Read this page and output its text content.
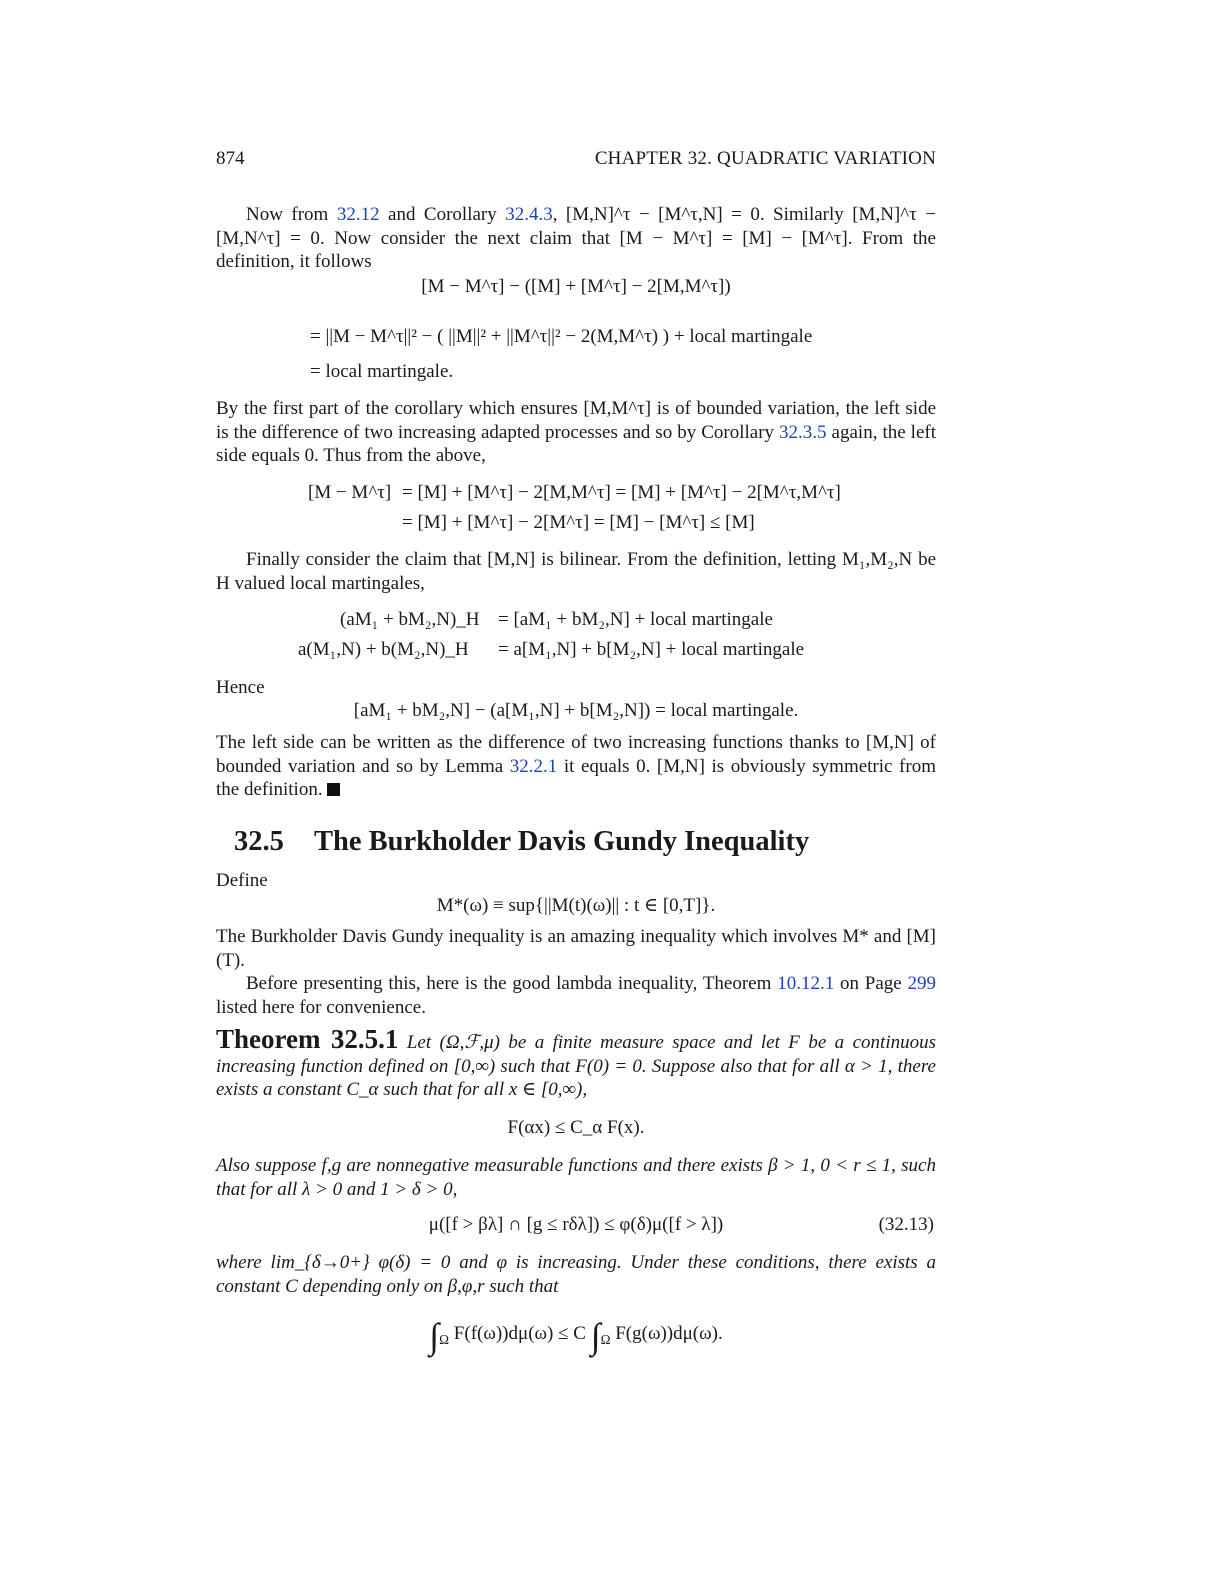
874	CHAPTER 32. QUADRATIC VARIATION
Now from 32.12 and Corollary 32.4.3, [M,N]^τ − [M^τ,N] = 0. Similarly [M,N]^τ − [M,N^τ] = 0. Now consider the next claim that [M − M^τ] = [M] − [M^τ]. From the definition, it follows
[M − M^τ] − ([M] + [M^τ] − 2[M,M^τ])
= ||M − M^τ||² − ( ||M||² + ||M^τ||² − 2(M,M^τ) ) + local martingale
= local martingale.
By the first part of the corollary which ensures [M,M^τ] is of bounded variation, the left side is the difference of two increasing adapted processes and so by Corollary 32.3.5 again, the left side equals 0. Thus from the above,
[M − M^τ] = [M] + [M^τ] − 2[M,M^τ] = [M] + [M^τ] − 2[M^τ,M^τ]
= [M] + [M^τ] − 2[M^τ] = [M] − [M^τ] ≤ [M]
Finally consider the claim that [M,N] is bilinear. From the definition, letting M₁,M₂,N be H valued local martingales,
(aM₁ + bM₂,N)_H = [aM₁ + bM₂,N] + local martingale
a(M₁,N) + b(M₂,N)_H = a[M₁,N] + b[M₂,N] + local martingale
Hence
[aM₁ + bM₂,N] − (a[M₁,N] + b[M₂,N]) = local martingale.
The left side can be written as the difference of two increasing functions thanks to [M,N] of bounded variation and so by Lemma 32.2.1 it equals 0. [M,N] is obviously symmetric from the definition.
32.5 The Burkholder Davis Gundy Inequality
Define
M*(ω) ≡ sup{||M(t)(ω)|| : t ∈ [0,T]}.
The Burkholder Davis Gundy inequality is an amazing inequality which involves M* and [M](T).
Before presenting this, here is the good lambda inequality, Theorem 10.12.1 on Page 299 listed here for convenience.
Theorem 32.5.1 Let (Ω,ℱ,μ) be a finite measure space and let F be a continuous increasing function defined on [0,∞) such that F(0) = 0. Suppose also that for all α > 1, there exists a constant C_α such that for all x ∈ [0,∞),
F(αx) ≤ C_α F(x).
Also suppose f,g are nonnegative measurable functions and there exists β > 1, 0 < r ≤ 1, such that for all λ > 0 and 1 > δ > 0,
μ([f > βλ] ∩ [g ≤ rδλ]) ≤ φ(δ)μ([f > λ])	(32.13)
where lim_{δ→0+} φ(δ) = 0 and φ is increasing. Under these conditions, there exists a constant C depending only on β,φ,r such that
$\int_\Omega$ F(f(ω))dμ(ω) ≤ C $\int_\Omega$ F(g(ω))dμ(ω).
